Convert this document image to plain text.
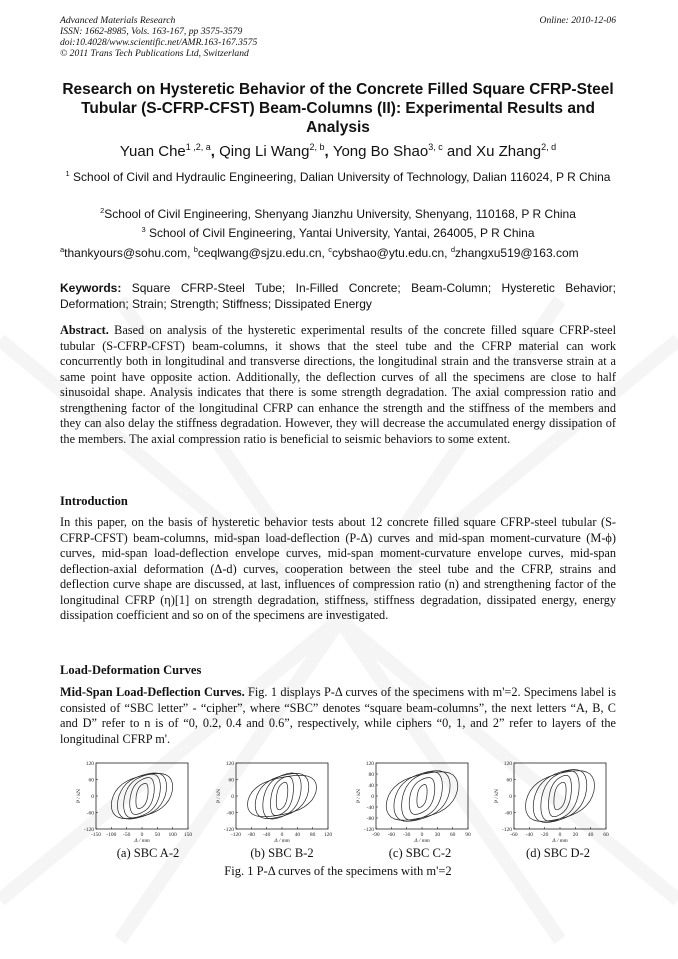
Advanced Materials Research
ISSN: 1662-8985, Vols. 163-167, pp 3575-3579
doi:10.4028/www.scientific.net/AMR.163-167.3575
© 2011 Trans Tech Publications Ltd, Switzerland
Online: 2010-12-06
Research on Hysteretic Behavior of the Concrete Filled Square CFRP-Steel Tubular (S-CFRP-CFST) Beam-Columns (II): Experimental Results and Analysis
Yuan Che$^{1 ,2, a}$, Qing Li Wang$^{2, b}$, Yong Bo Shao$^{3, c}$ and Xu Zhang$^{2, d}$
$^1$ School of Civil and Hydraulic Engineering, Dalian University of Technology, Dalian 116024, P R China
$^2$School of Civil Engineering, Shenyang Jianzhu University, Shenyang, 110168, P R China
$^3$ School of Civil Engineering, Yantai University, Yantai, 264005, P R China
$^a$thankyours@sohu.com, $^b$ceqlwang@sjzu.edu.cn, $^c$cybshao@ytu.edu.cn, $^d$zhangxu519@163.com
Keywords: Square CFRP-Steel Tube; In-Filled Concrete; Beam-Column; Hysteretic Behavior; Deformation; Strain; Strength; Stiffness; Dissipated Energy
Abstract. Based on analysis of the hysteretic experimental results of the concrete filled square CFRP-steel tubular (S-CFRP-CFST) beam-columns, it shows that the steel tube and the CFRP material can work concurrently both in longitudinal and transverse directions, the longitudinal strain and the transverse strain at a same point have opposite action. Additionally, the deflection curves of all the specimens are close to half sinusoidal shape. Analysis indicates that there is some strength degradation. The axial compression ratio and strengthening factor of the longitudinal CFRP can enhance the strength and the stiffness of the members and they can also delay the stiffness degradation. However, they will decrease the accumulated energy dissipation of the members. The axial compression ratio is beneficial to seismic behaviors to some extent.
Introduction
In this paper, on the basis of hysteretic behavior tests about 12 concrete filled square CFRP-steel tubular (S-CFRP-CFST) beam-columns, mid-span load-deflection (P-Δ) curves and mid-span moment-curvature (M-ϕ) curves, mid-span load-deflection envelope curves, mid-span moment-curvature envelope curves, mid-span deflection-axial deformation (Δ-d) curves, cooperation between the steel tube and the CFRP, strains and deflection curve shape are discussed, at last, influences of compression ratio (n) and strengthening factor of the longitudinal CFRP (η)[1] on strength degradation, stiffness, stiffness degradation, dissipated energy, energy dissipation coefficient and so on of the specimens are investigated.
Load-Deformation Curves
Mid-Span Load-Deflection Curves. Fig. 1 displays P-Δ curves of the specimens with m'=2. Specimens label is consisted of “SBC letter” - “cipher”, where “SBC” denotes “square beam-columns”, the next letters “A, B, C and D” refer to n is of “0, 0.2, 0.4 and 0.6”, respectively, while ciphers “0, 1, and 2” refer to layers of the longitudinal CFRP m'.
120
60
0
-60
-120
-150 -100 -50 0 50 100 150
P / kN
Δ / mm
120
60
0
-60
-120
-120 -80 -40 0 40 80 120
P / kN
Δ / mm
120
80
40
0
-40
-80
-120
-90 -60 -30 0 30 60 90
P / kN
Δ / mm
120
60
0
-60
-120
-60 -40 -20 0 20 40 60
P / kN
Δ / mm
(a) SBC A-2	(b) SBC B-2	(c) SBC C-2	(d) SBC D-2
Fig. 1 P-Δ curves of the specimens with m'=2
